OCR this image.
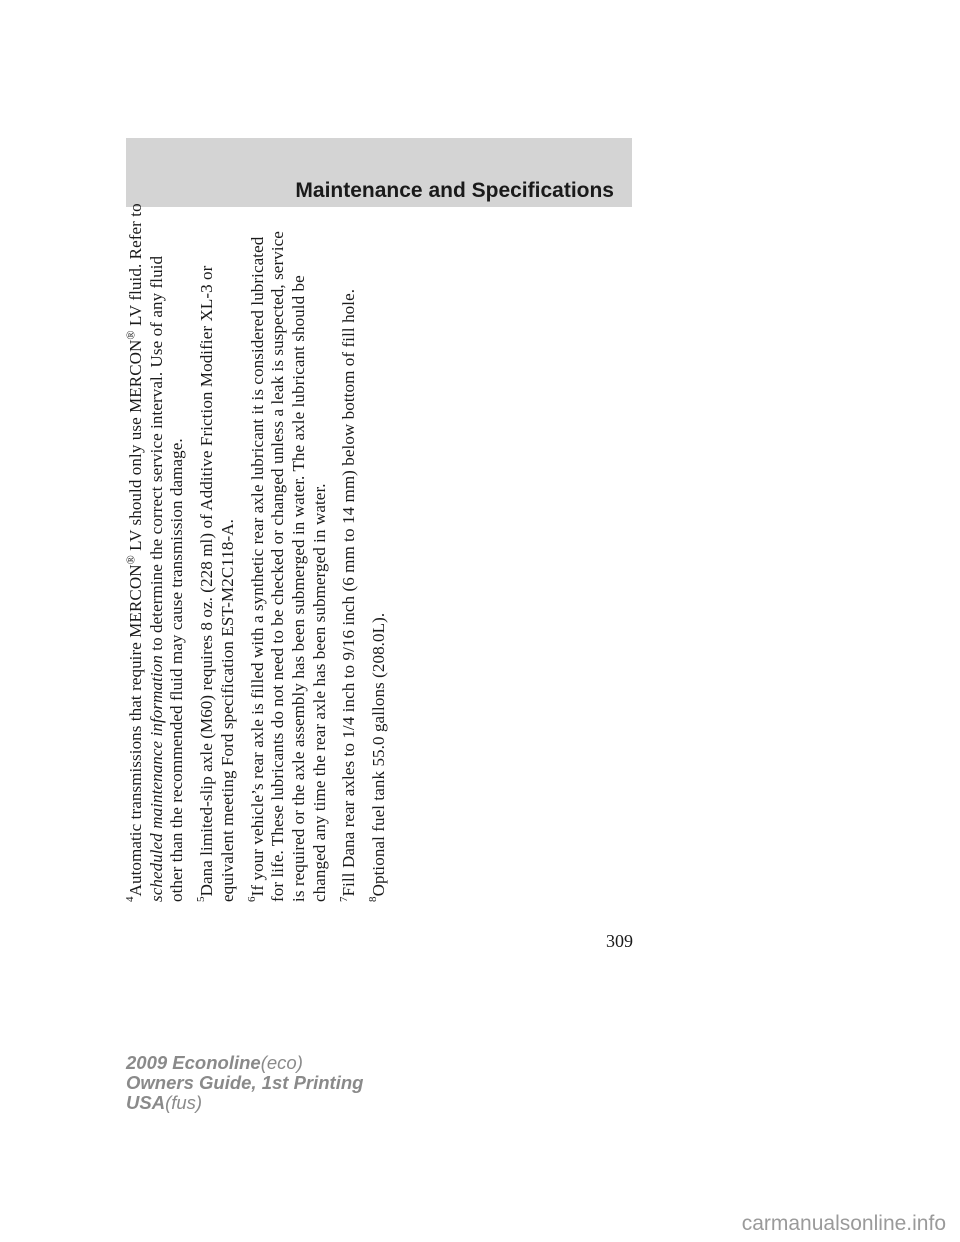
Maintenance and Specifications

$^4$Automatic transmissions that require MERCON® LV should only use MERCON® LV fluid. Refer to
scheduled maintenance information to determine the correct service interval. Use of any fluid other than the recommended fluid may cause transmission damage. $^5$Dana limited-slip axle (M60) requires 8 oz. (228 ml) of Additive Friction Modifier XL-3 or equivalent meeting Ford specification EST-M2C118-A. $^6$If your vehicle’s rear axle is filled with a synthetic rear axle lubricant it is considered lubricated for life. These lubricants do not need to be checked or changed unless a leak is suspected, service is required or the axle assembly has been submerged in water. The axle lubricant should be changed any time the rear axle has been submerged in water. $^7$Fill Dana rear axles to 1/4 inch to 9/16 inch (6 mm to 14 mm) below bottom of fill hole.

$^8$Optional fuel tank 55.0 gallons (208.0L).

309
2009 Econoline(eco)
Owners Guide, 1st Printing
USA(fus)
carmanualsonline.info
